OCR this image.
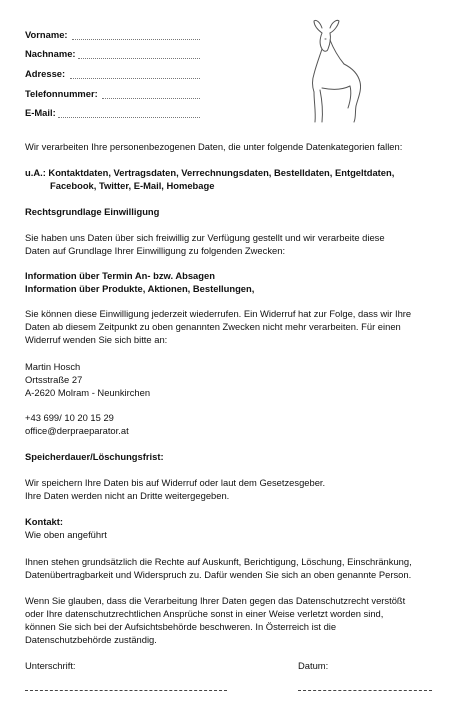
Vorname:
Nachname:
Adresse:
Telefonnummer:
E-Mail:
Wir verarbeiten Ihre personenbezogenen Daten, die unter folgende Datenkategorien fallen:
u.A.: Kontaktdaten, Vertragsdaten, Verrechnungsdaten, Bestelldaten, Entgeltdaten,
Facebook, Twitter, E-Mail, Homebage
Rechtsgrundlage Einwilligung
Sie haben uns Daten über sich freiwillig zur Verfügung gestellt und wir verarbeite diese
Daten auf Grundlage Ihrer Einwilligung zu folgenden Zwecken:
Information über Termin An- bzw. Absagen
Information über Produkte, Aktionen, Bestellungen,
Sie können diese Einwilligung jederzeit wiederrufen. Ein Widerruf hat zur Folge, dass wir Ihre
Daten ab diesem Zeitpunkt zu oben genannten Zwecken nicht mehr verarbeiten. Für einen
Widerruf wenden Sie sich bitte an:
Martin Hosch
Ortsstraße 27
A-2620 Molram - Neunkirchen
+43 699/ 10 20 15 29
office@derpraeparator.at
Speicherdauer/Löschungsfrist:
Wir speichern Ihre Daten bis auf Widerruf oder laut dem Gesetzesgeber.
Ihre Daten werden nicht an Dritte weitergegeben.
Kontakt:
Wie oben angeführt
Ihnen stehen grundsätzlich die Rechte auf Auskunft, Berichtigung, Löschung, Einschränkung,
Datenübertragbarkeit und Widerspruch zu. Dafür wenden Sie sich an oben genannte Person.
Wenn Sie glauben, dass die Verarbeitung Ihrer Daten gegen das Datenschutzrecht verstößt
oder Ihre datenschutzrechtlichen Ansprüche sonst in einer Weise verletzt worden sind,
können Sie sich bei der Aufsichtsbehörde beschweren. In Österreich ist die
Datenschutzbehörde zuständig.
Unterschrift:	Datum:
